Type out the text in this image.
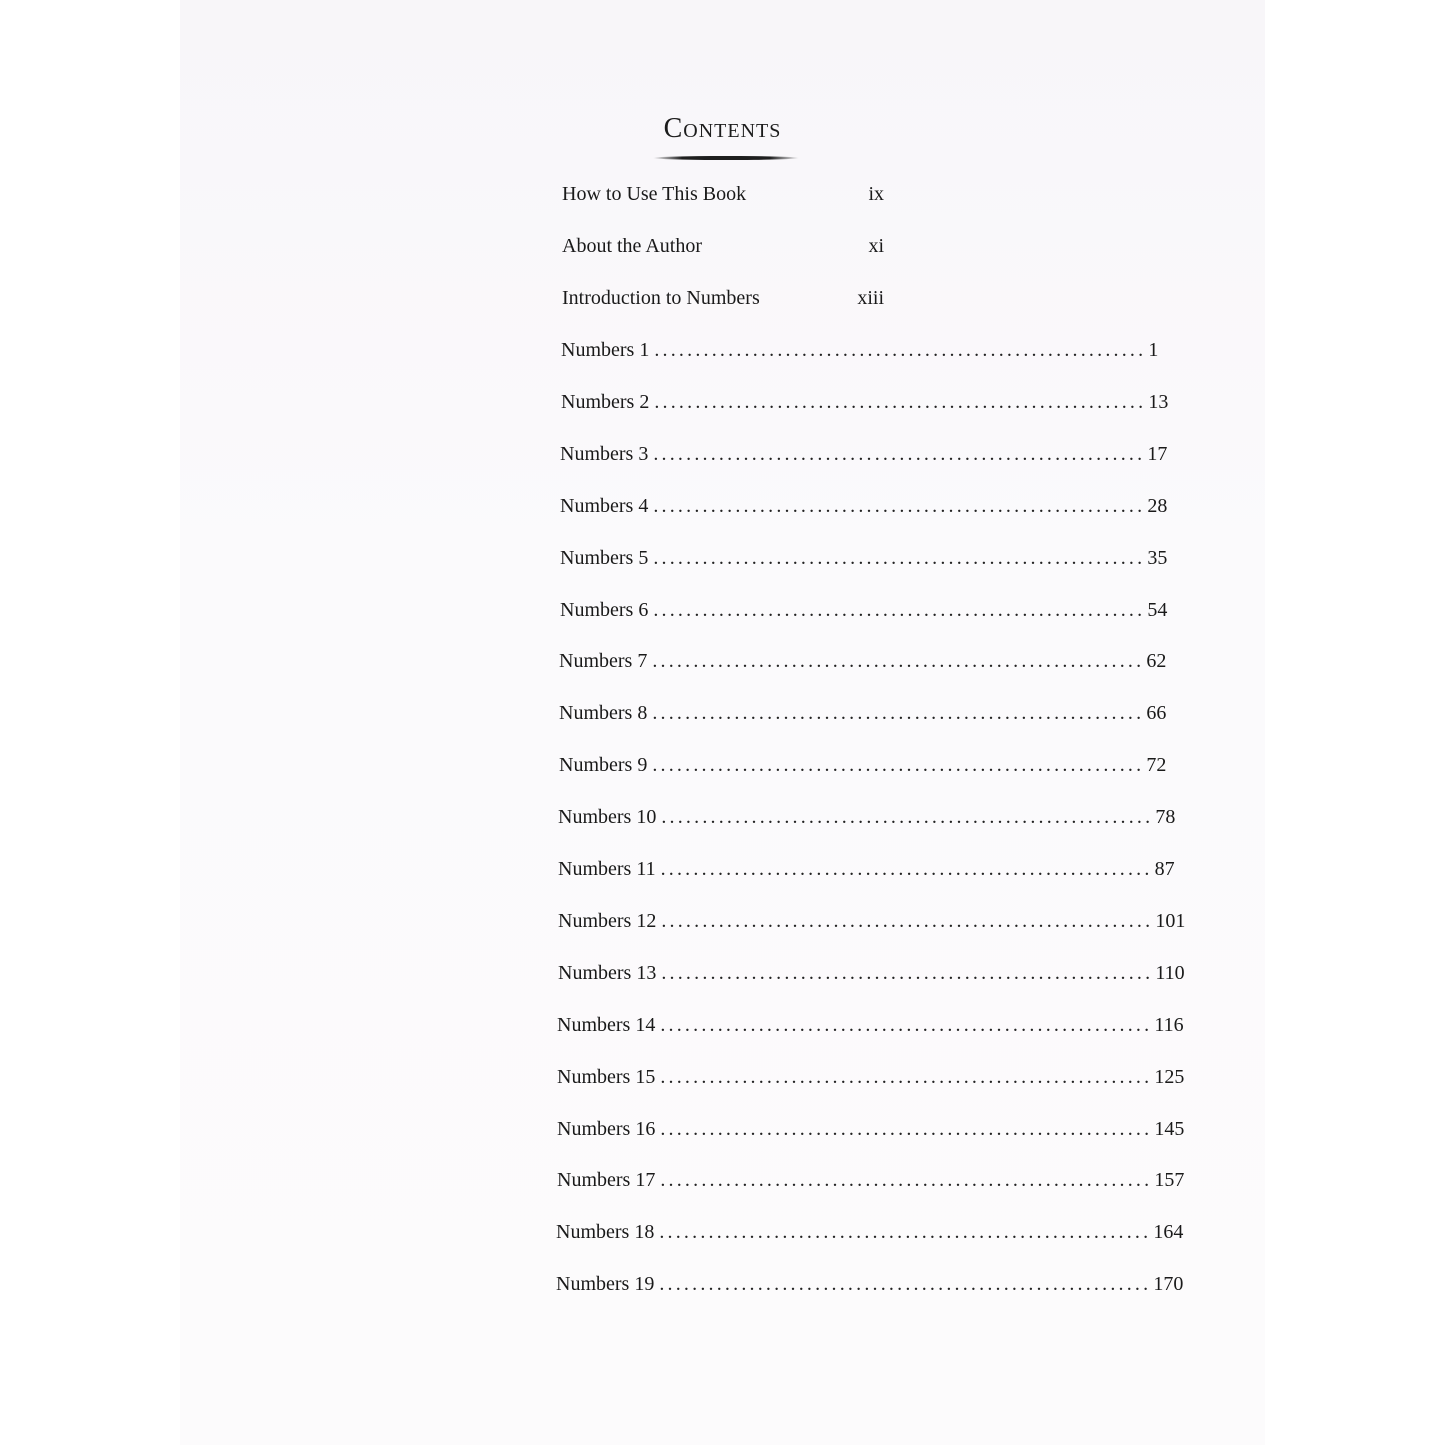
Contents
How to Use This Book	ix
About the Author	xi
Introduction to Numbers	xiii
Numbers 1 ............................................................ 1
Numbers 2 ............................................................ 13
Numbers 3 ............................................................ 17
Numbers 4 ............................................................ 28
Numbers 5 ............................................................ 35
Numbers 6 ............................................................ 54
Numbers 7 ............................................................ 62
Numbers 8 ............................................................ 66
Numbers 9 ............................................................ 72
Numbers 10 ............................................................ 78
Numbers 11 ............................................................ 87
Numbers 12 ............................................................ 101
Numbers 13 ............................................................ 110
Numbers 14 ............................................................ 116
Numbers 15 ............................................................ 125
Numbers 16 ............................................................ 145
Numbers 17 ............................................................ 157
Numbers 18 ............................................................ 164
Numbers 19 ............................................................ 170
